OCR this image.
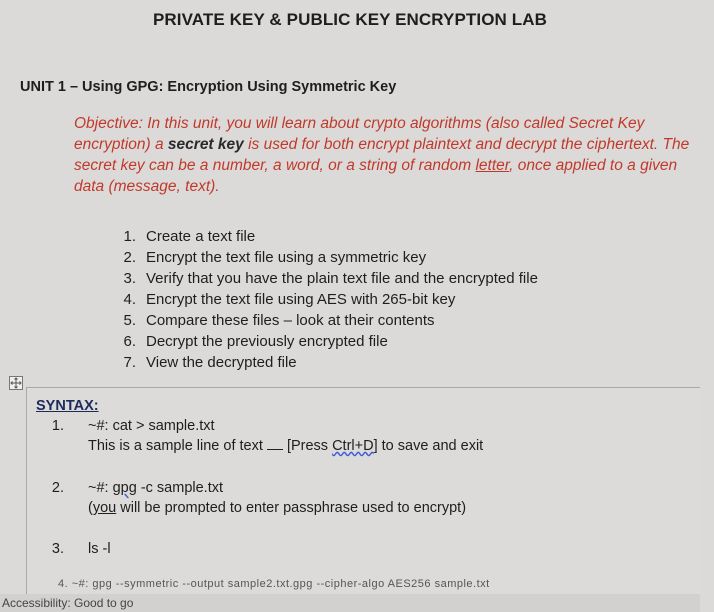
PRIVATE KEY & PUBLIC KEY ENCRYPTION LAB
UNIT 1 – Using GPG: Encryption Using Symmetric Key
Objective: In this unit, you will learn about crypto algorithms (also called Secret Key
encryption) a secret key is used for both encrypt plaintext and decrypt the ciphertext. The
secret key can be a number, a word, or a string of random letter, once applied to a given
data (message, text).
1. Create a text file
2. Encrypt the text file using a symmetric key
3. Verify that you have the plain text file and the encrypted file
4. Encrypt the text file using AES with 265-bit key
5. Compare these files – look at their contents
6. Decrypt the previously encrypted file
7. View the decrypted file
SYNTAX:
1. ~#: cat > sample.txt
This is a sample line of text  [Press Ctrl+D] to save and exit
2. ~#: gpg -c sample.txt
(you will be prompted to enter passphrase used to encrypt)
3. ls -l
Accessibility: Good to go
